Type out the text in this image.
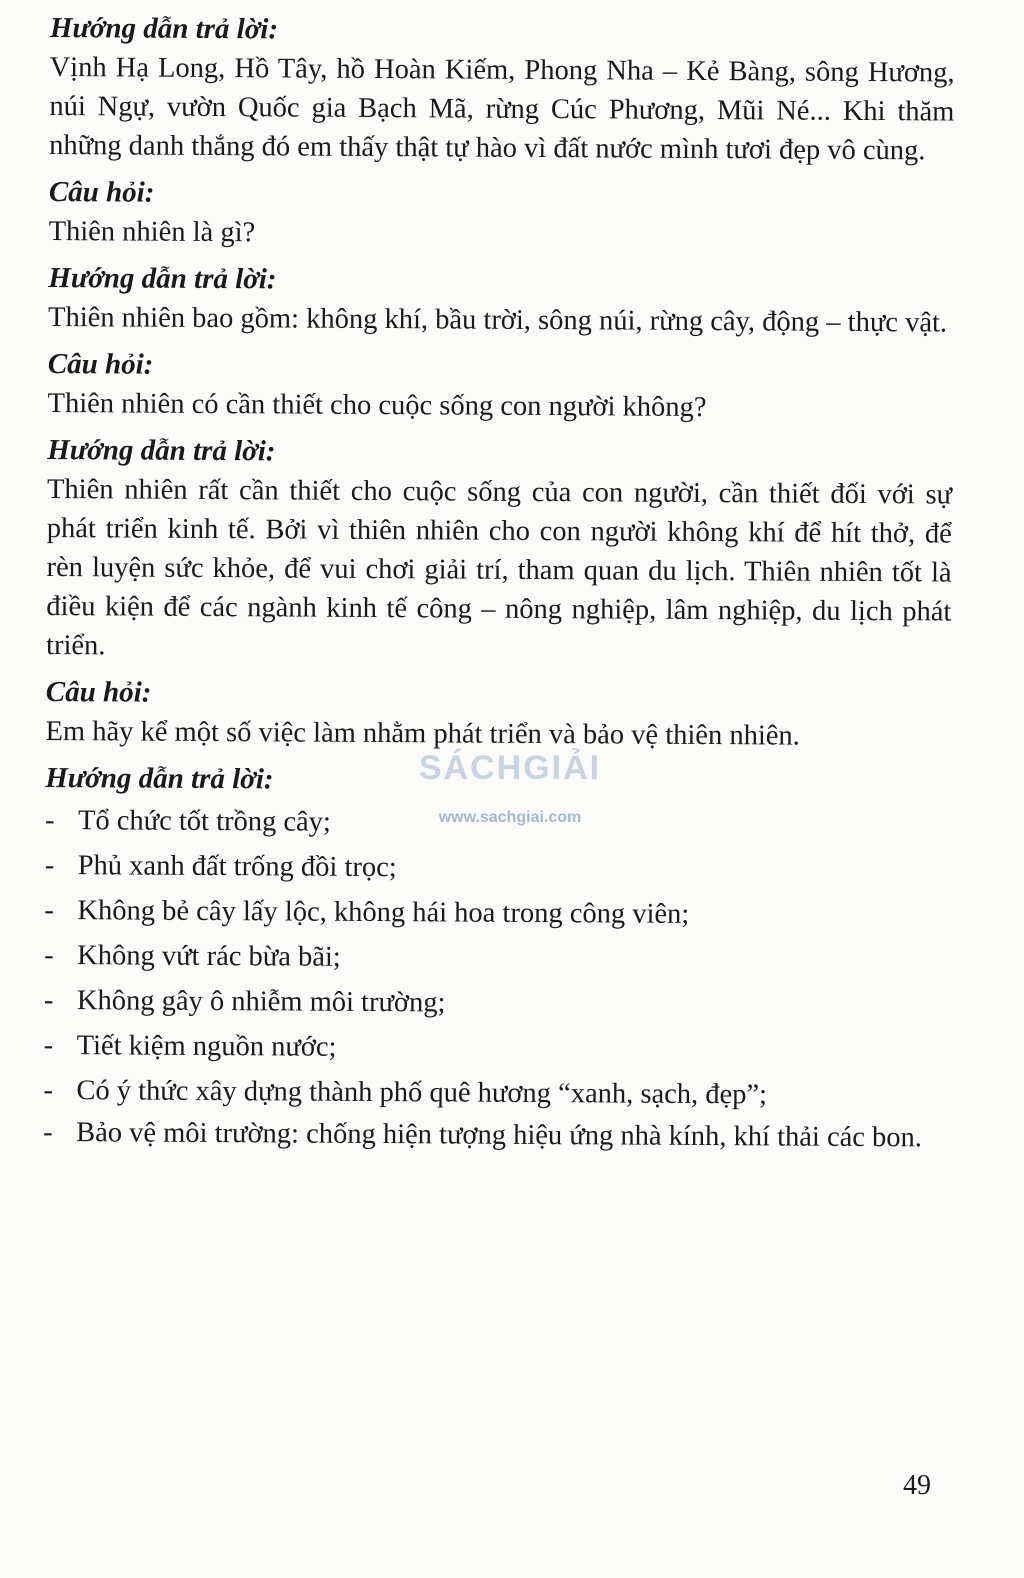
Hướng dẫn trả lời:

Vịnh Hạ Long, Hồ Tây, hồ Hoàn Kiếm, Phong Nha – Kẻ Bàng, sông Hương, núi Ngự, vườn Quốc gia Bạch Mã, rừng Cúc Phương, Mũi Né... Khi thăm những danh thắng đó em thấy thật tự hào vì đất nước mình tươi đẹp vô cùng.

Câu hỏi:

Thiên nhiên là gì?

Hướng dẫn trả lời:

Thiên nhiên bao gồm: không khí, bầu trời, sông núi, rừng cây, động – thực vật.

Câu hỏi:

Thiên nhiên có cần thiết cho cuộc sống con người không?

Hướng dẫn trả lời:

Thiên nhiên rất cần thiết cho cuộc sống của con người, cần thiết đối với sự phát triển kinh tế. Bởi vì thiên nhiên cho con người không khí để hít thở, để rèn luyện sức khỏe, để vui chơi giải trí, tham quan du lịch. Thiên nhiên tốt là điều kiện để các ngành kinh tế công – nông nghiệp, lâm nghiệp, du lịch phát triển.

Câu hỏi:

Em hãy kể một số việc làm nhằm phát triển và bảo vệ thiên nhiên.

Hướng dẫn trả lời:

- Tổ chức tốt trồng cây;
- Phủ xanh đất trống đồi trọc;
- Không bẻ cây lấy lộc, không hái hoa trong công viên;
- Không vứt rác bừa bãi;
- Không gây ô nhiễm môi trường;
- Tiết kiệm nguồn nước;
- Có ý thức xây dựng thành phố quê hương “xanh, sạch, đẹp”;
- Bảo vệ môi trường: chống hiện tượng hiệu ứng nhà kính, khí thải các bon.
SÁCHGIẢI
www.sachgiai.com
49
